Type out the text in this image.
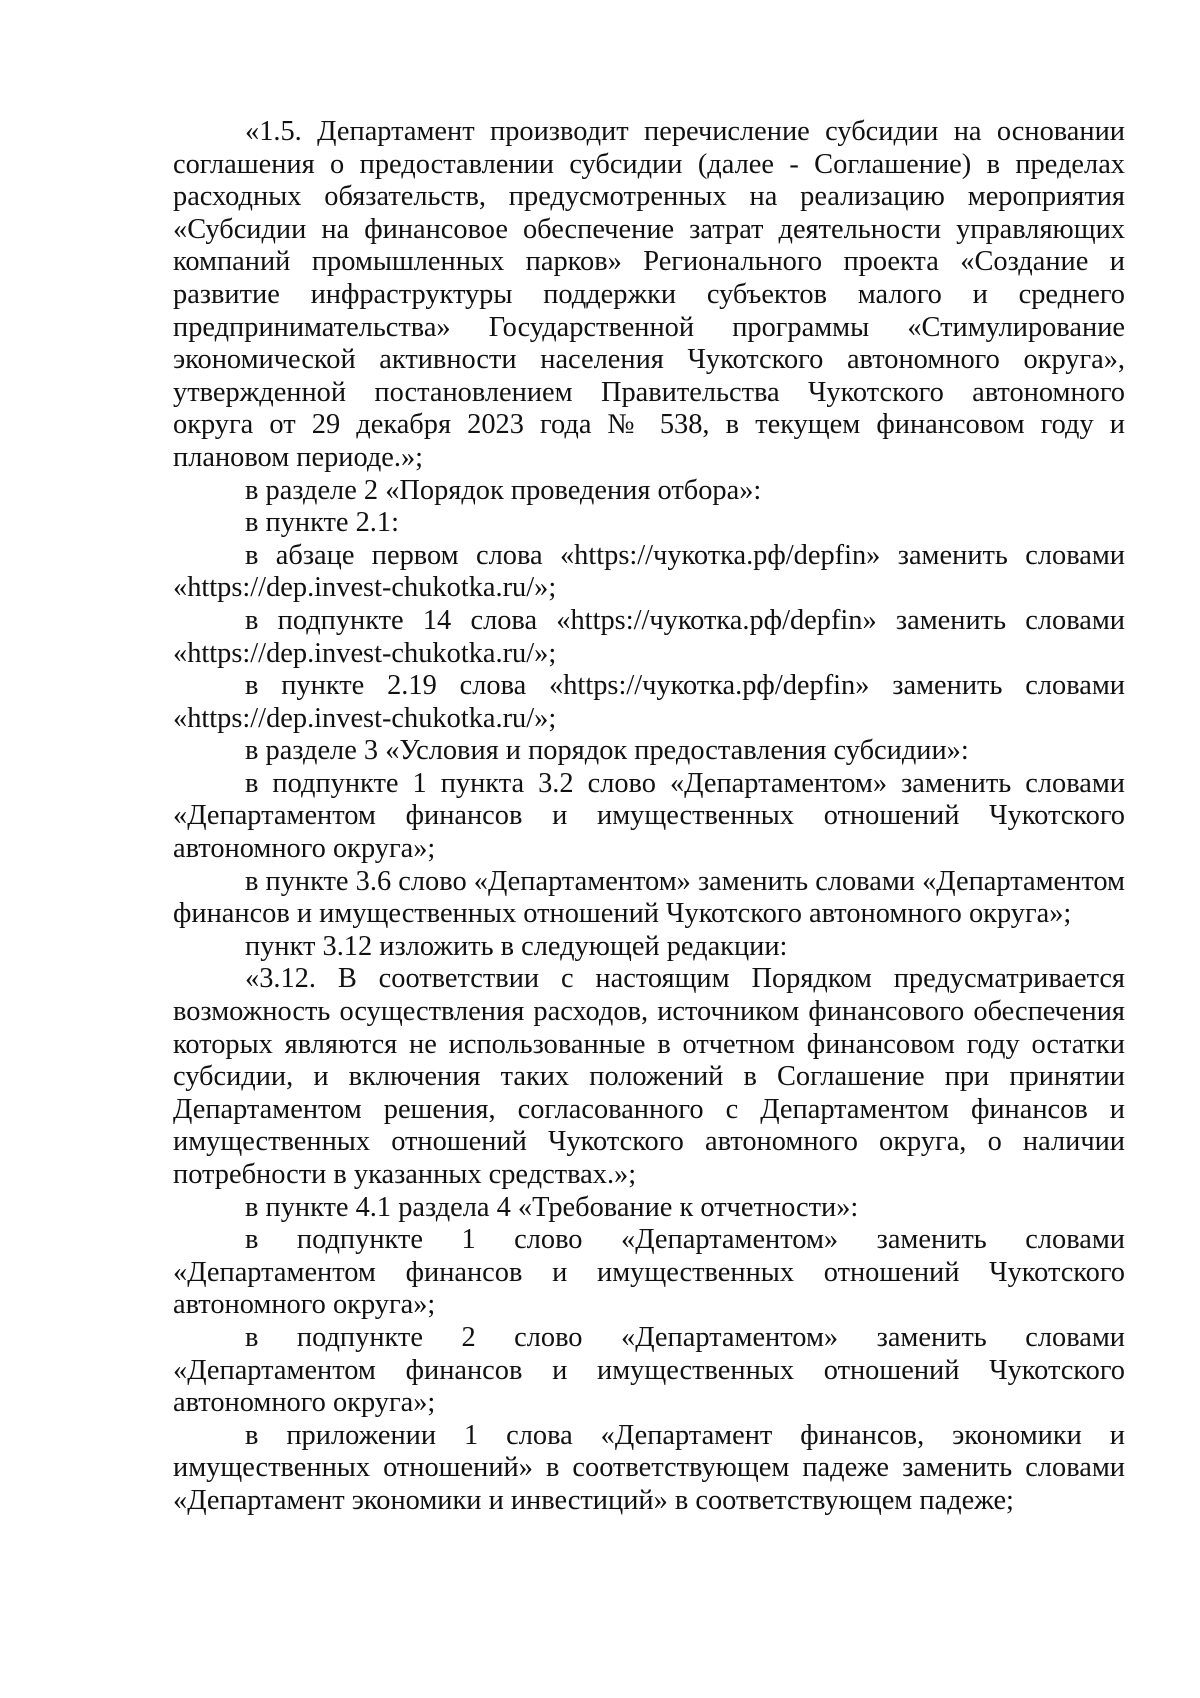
«1.5. Департамент производит перечисление субсидии на основании соглашения о предоставлении субсидии (далее - Соглашение) в пределах расходных обязательств, предусмотренных на реализацию мероприятия «Субсидии на финансовое обеспечение затрат деятельности управляющих компаний промышленных парков» Регионального проекта «Создание и развитие инфраструктуры поддержки субъектов малого и среднего предпринимательства» Государственной программы «Стимулирование экономической активности населения Чукотского автономного округа», утвержденной постановлением Правительства Чукотского автономного округа от 29 декабря 2023 года № 538, в текущем финансовом году и плановом периоде.»;

в разделе 2 «Порядок проведения отбора»:

в пункте 2.1:

в абзаце первом слова «https://чукотка.рф/depfin» заменить словами «https://dep.invest-chukotka.ru/»;

в подпункте 14 слова «https://чукотка.рф/depfin» заменить словами «https://dep.invest-chukotka.ru/»;

в пункте 2.19 слова «https://чукотка.рф/depfin» заменить словами «https://dep.invest-chukotka.ru/»;

в разделе 3 «Условия и порядок предоставления субсидии»:

в подпункте 1 пункта 3.2 слово «Департаментом» заменить словами «Департаментом финансов и имущественных отношений Чукотского автономного округа»;

в пункте 3.6 слово «Департаментом» заменить словами «Департаментом финансов и имущественных отношений Чукотского автономного округа»;

пункт 3.12 изложить в следующей редакции:

«3.12. В соответствии с настоящим Порядком предусматривается возможность осуществления расходов, источником финансового обеспечения которых являются не использованные в отчетном финансовом году остатки субсидии, и включения таких положений в Соглашение при принятии Департаментом решения, согласованного с Департаментом финансов и имущественных отношений Чукотского автономного округа, о наличии потребности в указанных средствах.»;

в пункте 4.1 раздела 4 «Требование к отчетности»:

в подпункте 1 слово «Департаментом» заменить словами «Департаментом финансов и имущественных отношений Чукотского автономного округа»;

в подпункте 2 слово «Департаментом» заменить словами «Департаментом финансов и имущественных отношений Чукотского автономного округа»;

в приложении 1 слова «Департамент финансов, экономики и имущественных отношений» в соответствующем падеже заменить словами «Департамент экономики и инвестиций» в соответствующем падеже;
